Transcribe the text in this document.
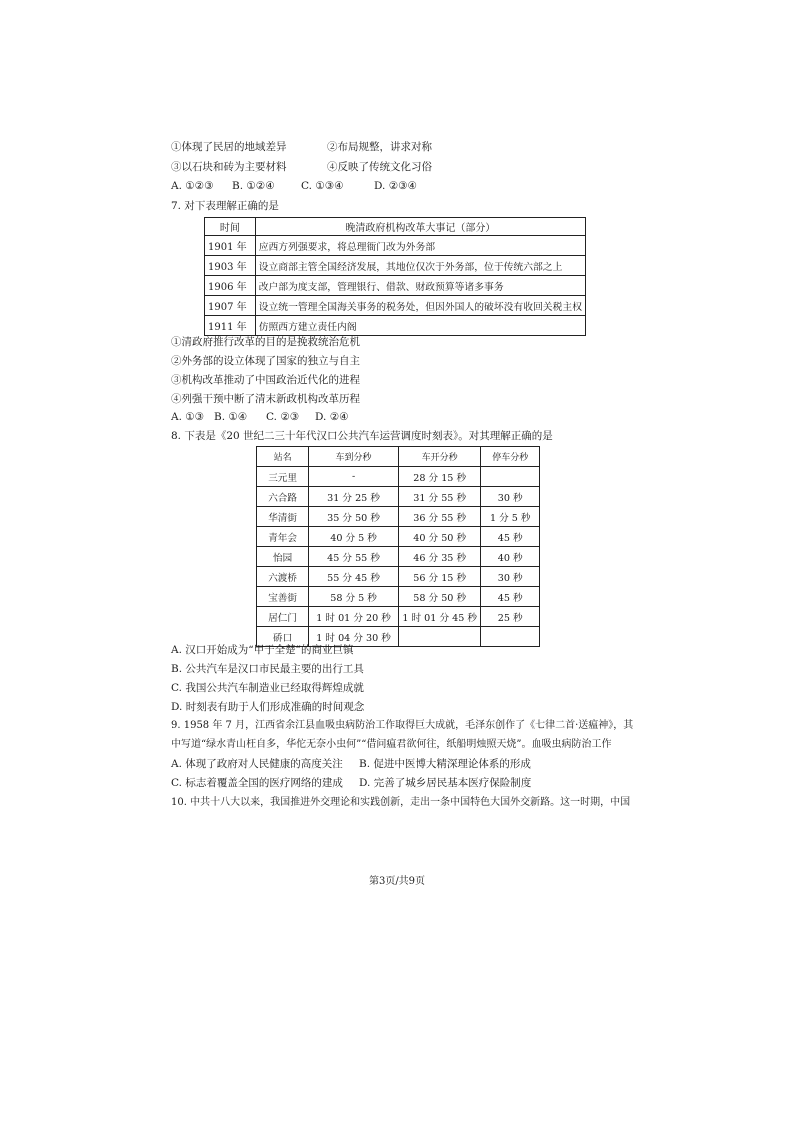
①体现了民居的地域差异	②布局规整，讲求对称
③以石块和砖为主要材料	④反映了传统文化习俗
A. ①②③ B. ①②④	C. ①③④	D. ②③④
7. 对下表理解正确的是
时间	晚清政府机构改革大事记（部分）
1901 年	应西方列强要求，将总理衙门改为外务部
1903 年	设立商部主管全国经济发展，其地位仅次于外务部，位于传统六部之上
1906 年	改户部为度支部，管理银行、借款、财政预算等诸多事务
1907 年	设立统一管理全国海关事务的税务处，但因外国人的破坏没有收回关税主权
1911 年	仿照西方建立责任内阁
①清政府推行改革的目的是挽救统治危机
②外务部的设立体现了国家的独立与自主
③机构改革推动了中国政治近代化的进程
④列强干预中断了清末新政机构改革历程
A. ①③ B. ①④ C. ②③ D. ②④
8. 下表是《20 世纪二三十年代汉口公共汽车运营调度时刻表》。对其理解正确的是
站名	车到分秒	车开分秒	停车分秒
三元里	-	28 分 15 秒	
六合路	31 分 25 秒	31 分 55 秒	30 秒
华清街	35 分 50 秒	36 分 55 秒	1 分 5 秒
青年会	40 分 5 秒	40 分 50 秒	45 秒
怡园	45 分 55 秒	46 分 35 秒	40 秒
六渡桥	55 分 45 秒	56 分 15 秒	30 秒
宝善街	58 分 5 秒	58 分 50 秒	45 秒
居仁门	1 时 01 分 20 秒	1 时 01 分 45 秒	25 秒
硚口	1 时 04 分 30 秒		
A. 汉口开始成为“甲于全楚”的商业巨镇
B. 公共汽车是汉口市民最主要的出行工具
C. 我国公共汽车制造业已经取得辉煌成就
D. 时刻表有助于人们形成准确的时间观念
9. 1958 年 7 月，江西省余江县血吸虫病防治工作取得巨大成就，毛泽东创作了《七律二首·送瘟神》，其
中写道“绿水青山枉自多，华佗无奈小虫何”“借问瘟君欲何往，纸船明烛照天烧”。血吸虫病防治工作
A. 体现了政府对人民健康的高度关注 B. 促进中医博大精深理论体系的形成
C. 标志着覆盖全国的医疗网络的建成 D. 完善了城乡居民基本医疗保险制度
10. 中共十八大以来，我国推进外交理论和实践创新，走出一条中国特色大国外交新路。这一时期，中国
第3页/共9页
